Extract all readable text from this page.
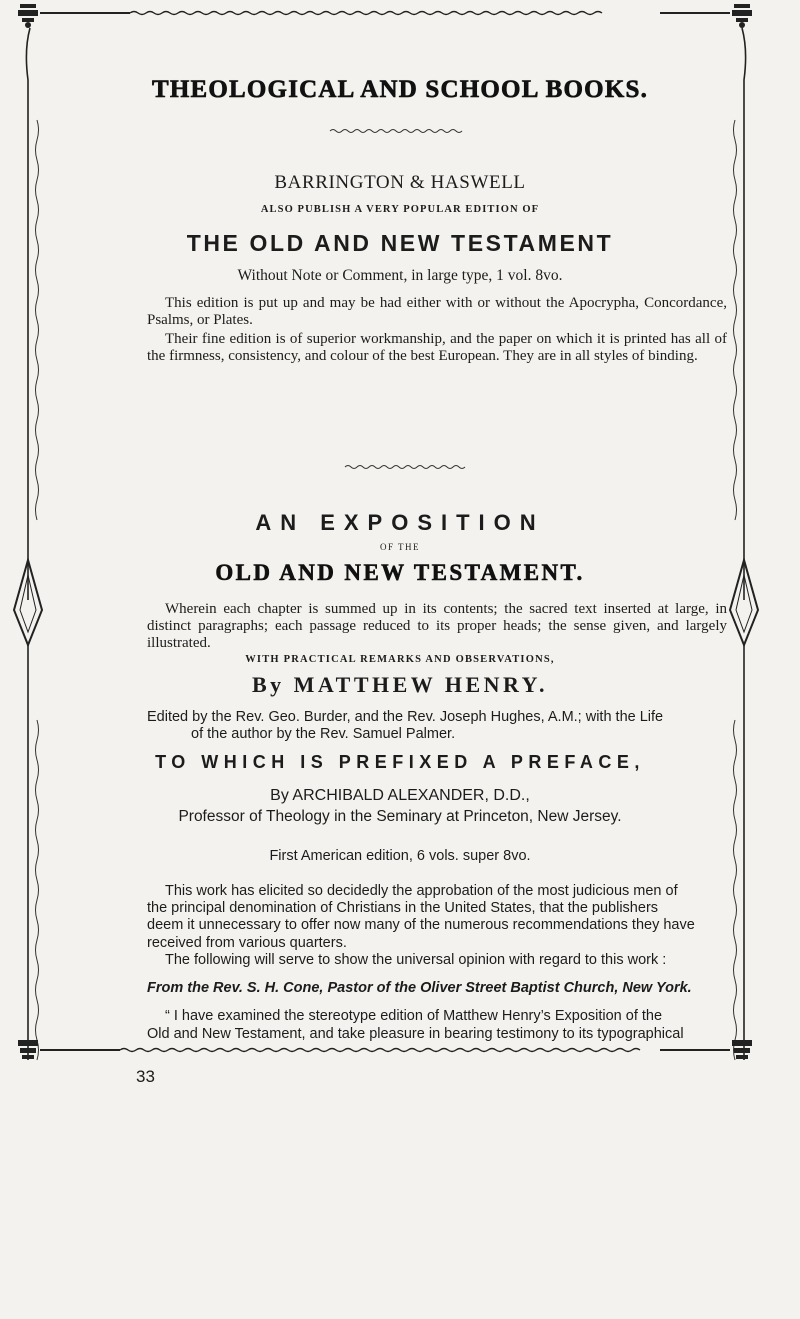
THEOLOGICAL AND SCHOOL BOOKS.
BARRINGTON & HASWELL
ALSO PUBLISH A VERY POPULAR EDITION OF
THE OLD AND NEW TESTAMENT
Without Note or Comment, in large type, 1 vol. 8vo.
This edition is put up and may be had either with or without the Apocrypha, Concordance, Psalms, or Plates.
Their fine edition is of superior workmanship, and the paper on which it is printed has all of the firmness, consistency, and colour of the best European. They are in all styles of binding.
AN EXPOSITION
OF THE
OLD AND NEW TESTAMENT.
Wherein each chapter is summed up in its contents; the sacred text inserted at large, in distinct paragraphs; each passage reduced to its proper heads; the sense given, and largely illustrated.
WITH PRACTICAL REMARKS AND OBSERVATIONS,
By MATTHEW HENRY.
Edited by the Rev. Geo. Burder, and the Rev. Joseph Hughes, A.M.; with the Life
of the author by the Rev. Samuel Palmer.
TO WHICH IS PREFIXED A PREFACE,
By ARCHIBALD ALEXANDER, D.D.,
Professor of Theology in the Seminary at Princeton, New Jersey.
First American edition, 6 vols. super 8vo.
This work has elicited so decidedly the approbation of the most judicious men of
the principal denomination of Christians in the United States, that the publishers
deem it unnecessary to offer now many of the numerous recommendations they have
received from various quarters.
The following will serve to show the universal opinion with regard to this work :
From the Rev. S. H. Cone, Pastor of the Oliver Street Baptist Church, New York.
“ I have examined the stereotype edition of Matthew Henry’s Exposition of the
Old and New Testament, and take pleasure in bearing testimony to its typographical
33
